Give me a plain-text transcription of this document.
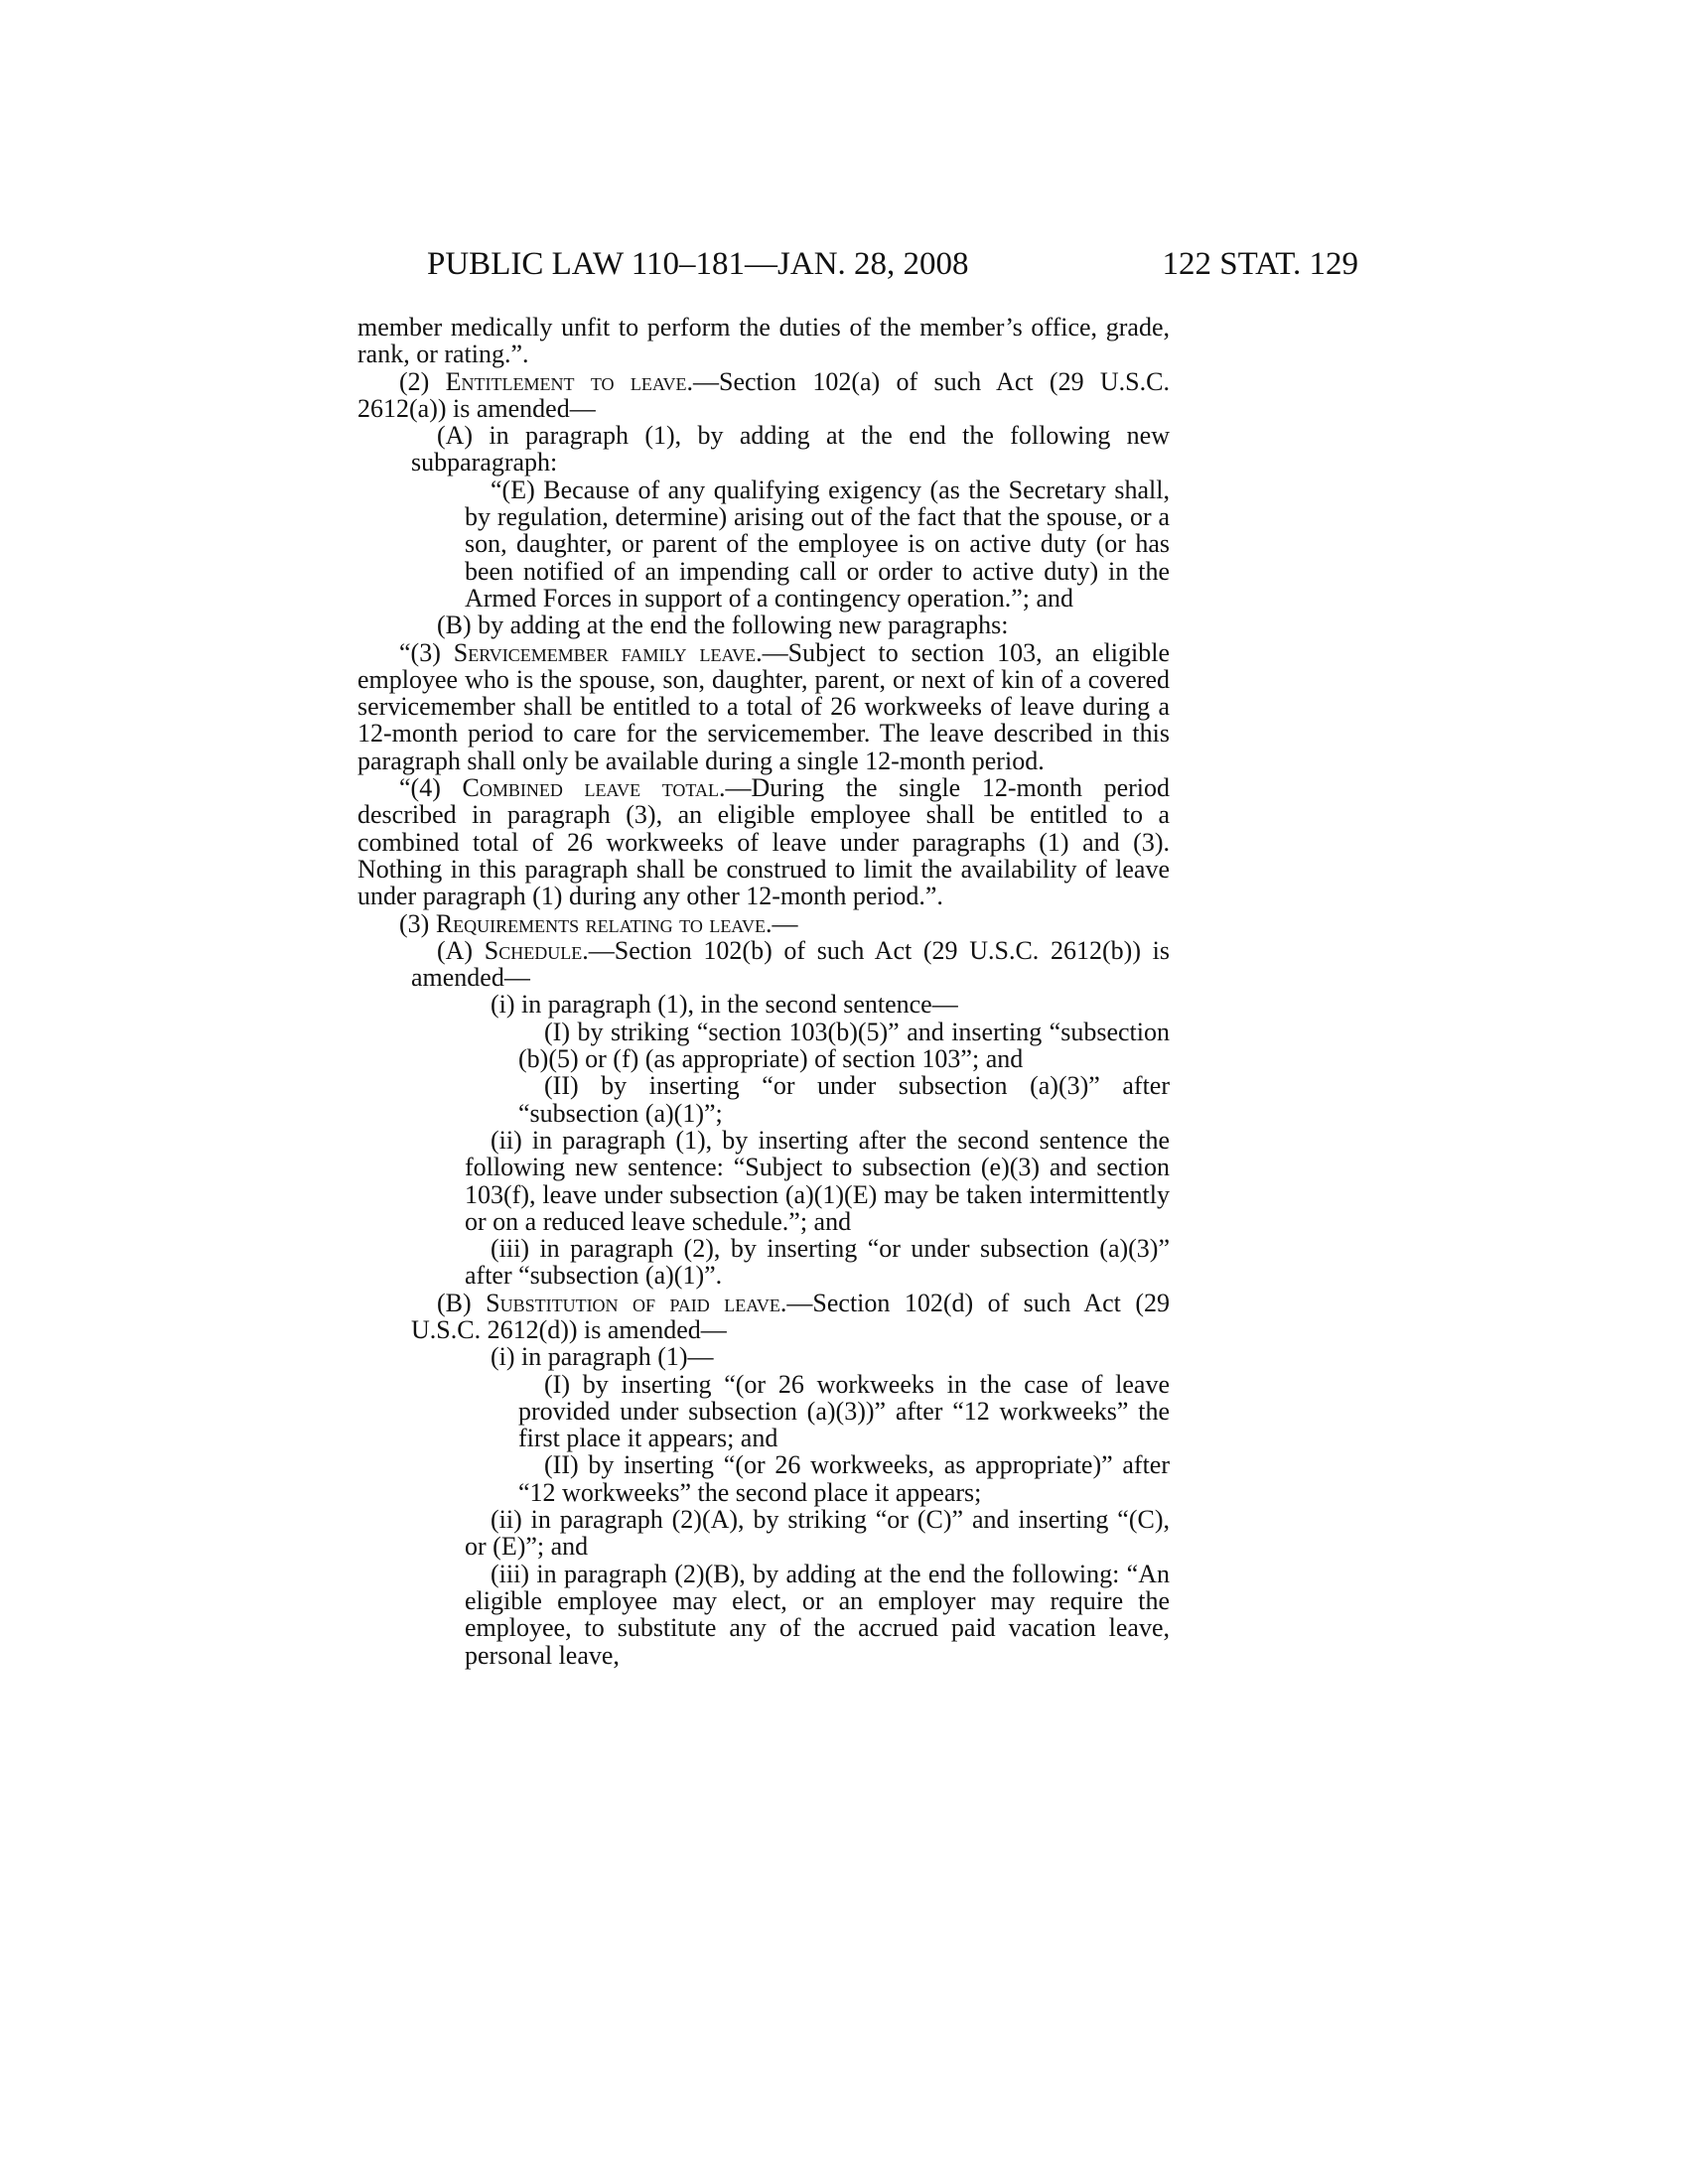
PUBLIC LAW 110–181—JAN. 28, 2008	122 STAT. 129

member medically unfit to perform the duties of the member’s office, grade, rank, or rating.”.

(2) Entitlement to leave.—Section 102(a) of such Act (29 U.S.C. 2612(a)) is amended—

(A) in paragraph (1), by adding at the end the following new subparagraph:

“(E) Because of any qualifying exigency (as the Secretary shall, by regulation, determine) arising out of the fact that the spouse, or a son, daughter, or parent of the employee is on active duty (or has been notified of an impending call or order to active duty) in the Armed Forces in support of a contingency operation.”; and

(B) by adding at the end the following new paragraphs:

“(3) Servicemember family leave.—Subject to section 103, an eligible employee who is the spouse, son, daughter, parent, or next of kin of a covered servicemember shall be entitled to a total of 26 workweeks of leave during a 12-month period to care for the servicemember. The leave described in this paragraph shall only be available during a single 12-month period.

“(4) Combined leave total.—During the single 12-month period described in paragraph (3), an eligible employee shall be entitled to a combined total of 26 workweeks of leave under paragraphs (1) and (3). Nothing in this paragraph shall be construed to limit the availability of leave under paragraph (1) during any other 12-month period.”.

(3) Requirements relating to leave.—

(A) Schedule.—Section 102(b) of such Act (29 U.S.C. 2612(b)) is amended—

(i) in paragraph (1), in the second sentence—

(I) by striking “section 103(b)(5)” and inserting “subsection (b)(5) or (f) (as appropriate) of section 103”; and

(II) by inserting “or under subsection (a)(3)” after “subsection (a)(1)”;

(ii) in paragraph (1), by inserting after the second sentence the following new sentence: “Subject to subsection (e)(3) and section 103(f), leave under subsection (a)(1)(E) may be taken intermittently or on a reduced leave schedule.”; and

(iii) in paragraph (2), by inserting “or under subsection (a)(3)” after “subsection (a)(1)”.

(B) Substitution of paid leave.—Section 102(d) of such Act (29 U.S.C. 2612(d)) is amended—

(i) in paragraph (1)—

(I) by inserting “(or 26 workweeks in the case of leave provided under subsection (a)(3))” after “12 workweeks” the first place it appears; and

(II) by inserting “(or 26 workweeks, as appropriate)” after “12 workweeks” the second place it appears;

(ii) in paragraph (2)(A), by striking “or (C)” and inserting “(C), or (E)”; and

(iii) in paragraph (2)(B), by adding at the end the following: “An eligible employee may elect, or an employer may require the employee, to substitute any of the accrued paid vacation leave, personal leave,
